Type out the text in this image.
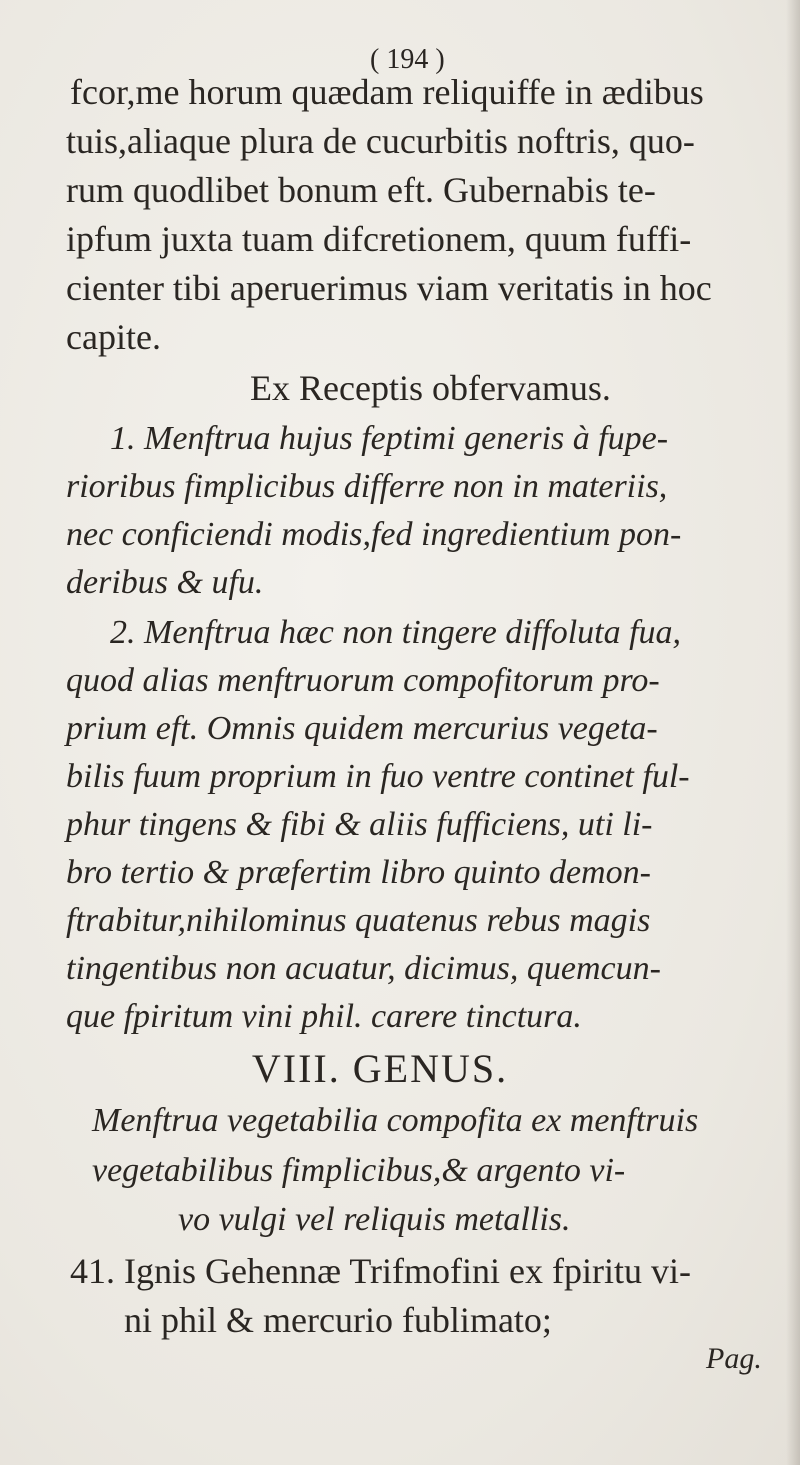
( 194 )
fcor,me horum quædam reliquiffe in ædibus
tuis,aliaque plura de cucurbitis noftris, quo-
rum quodlibet bonum eft. Gubernabis te-
ipfum juxta tuam difcretionem, quum fuffi-
cienter tibi aperuerimus viam veritatis in hoc
capite.
Ex Receptis obfervamus.
1. Menftrua hujus feptimi generis à fupe-
rioribus fimplicibus differre non in materiis,
nec conficiendi modis,fed ingredientium pon-
deribus & ufu.
2. Menftrua hæc non tingere diffoluta fua,
quod alias menftruorum compofitorum pro-
prium eft. Omnis quidem mercurius vegeta-
bilis fuum proprium in fuo ventre continet ful-
phur tingens & fibi & aliis fufficiens, uti li-
bro tertio & præfertim libro quinto demon-
ftrabitur,nihilominus quatenus rebus magis
tingentibus non acuatur, dicimus, quemcun-
que fpiritum vini phil. carere tinctura.
VIII. GENUS.
Menftrua vegetabilia compofita ex menftruis
vegetabilibus fimplicibus,& argento vi-
vo vulgi vel reliquis metallis.
41. Ignis Gehennæ Trifmofini ex fpiritu vi-
ni phil & mercurio fublimato;
Pag.
